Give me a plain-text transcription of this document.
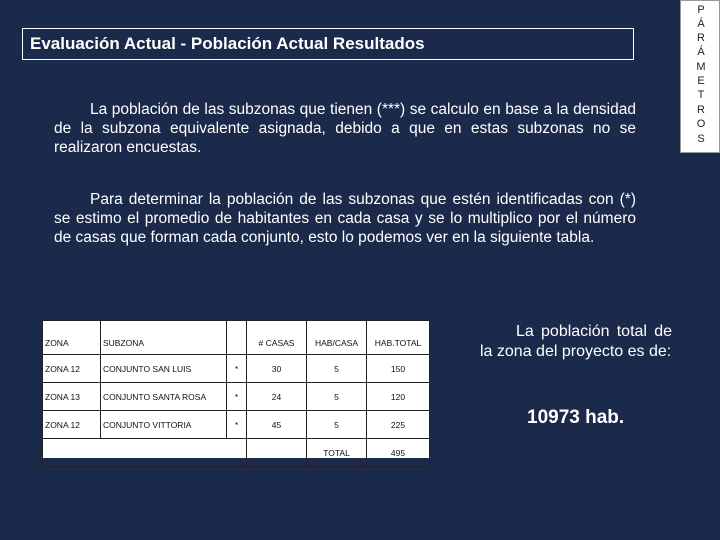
Evaluación Actual - Población Actual Resultados
P
Á
R
Á
M
E
T
R
O
S
La población de las subzonas que tienen (***) se calculo en base a la densidad de la subzona equivalente asignada, debido a que en estas subzonas no se realizaron encuestas.
Para determinar la población de las subzonas que estén identificadas con (*) se estimo el promedio de habitantes en cada casa y se lo multiplico por el número de casas que forman cada conjunto, esto lo podemos ver en la siguiente tabla.
ZONA	SUBZONA		# CASAS	HAB/CASA	HAB.TOTAL
ZONA 12	CONJUNTO SAN LUIS	*	30	5	150
ZONA 13	CONJUNTO SANTA ROSA	*	24	5	120
ZONA 12	CONJUNTO VITTORIA	*	45	5	225
				TOTAL	495
La población total de la zona del proyecto es de:
10973 hab.
